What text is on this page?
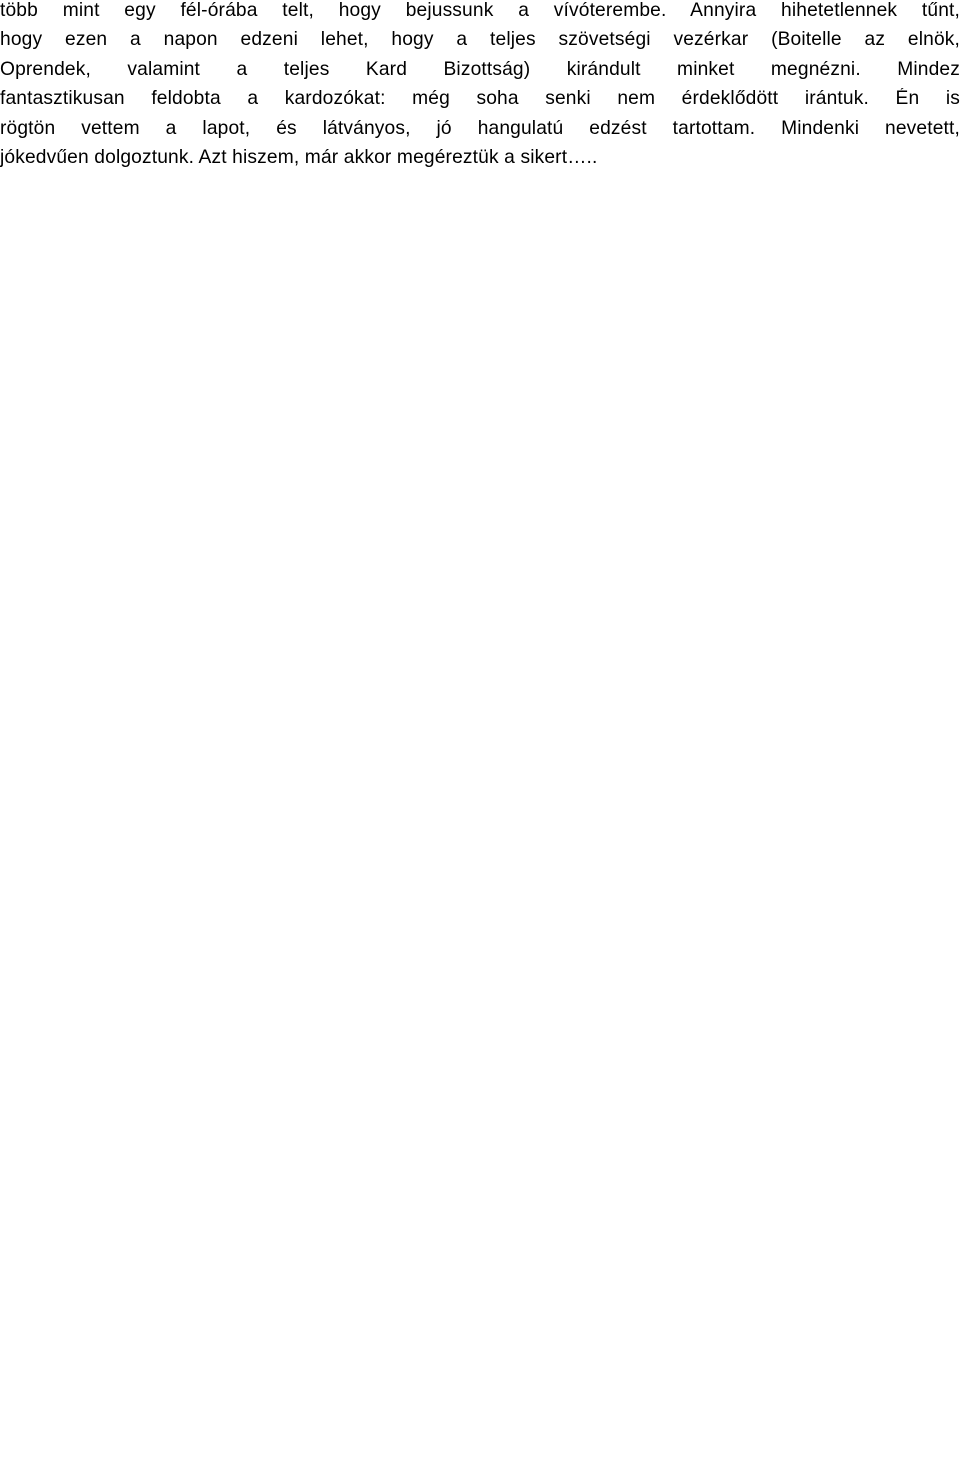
több mint egy fél-órába telt, hogy bejussunk a vívóterembe. Annyira hihetetlennek tűnt,
hogy ezen a napon edzeni lehet, hogy a teljes szövetségi vezérkar (Boitelle az elnök,
Oprendek, valamint a teljes Kard Bizottság) kirándult minket megnézni. Mindez
fantasztikusan feldobta a kardozókat: még soha senki nem érdeklődött irántuk. Én is
rögtön vettem a lapot, és látványos, jó hangulatú edzést tartottam. Mindenki nevetett,
jókedvűen dolgoztunk. Azt hiszem, már akkor megéreztük a sikert…..
